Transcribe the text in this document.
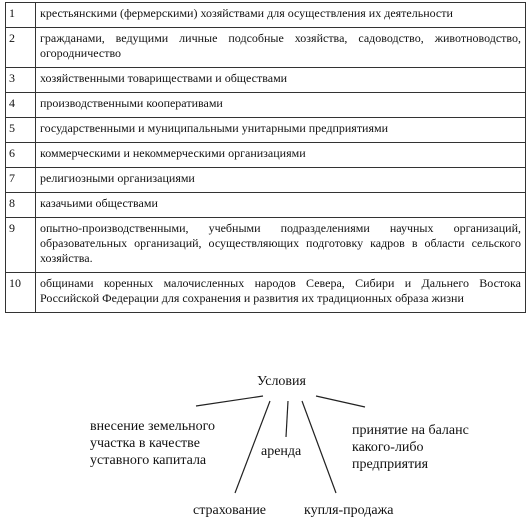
1	крестьянскими (фермерскими) хозяйствами для осуществления их деятельности
2	гражданами, ведущими личные подсобные хозяйства, садоводство, животноводство, огородничество
3	хозяйственными товариществами и обществами
4	производственными кооперативами
5	государственными и муниципальными унитарными предприятиями
6	коммерческими и некоммерческими организациями
7	религиозными организациями
8	казачьими обществами
9	опытно-производственными, учебными подразделениями научных организаций, образовательных организаций, осуществляющих подготовку кадров в области сельского хозяйства.
10	общинами коренных малочисленных народов Севера, Сибири и Дальнего Востока Российской Федерации для сохранения и развития их традиционных образа жизни
Условия
внесение земельного
участка в качестве
уставного капитала
аренда
принятие на баланс
какого-либо
предприятия
страхование	купля-продажа
